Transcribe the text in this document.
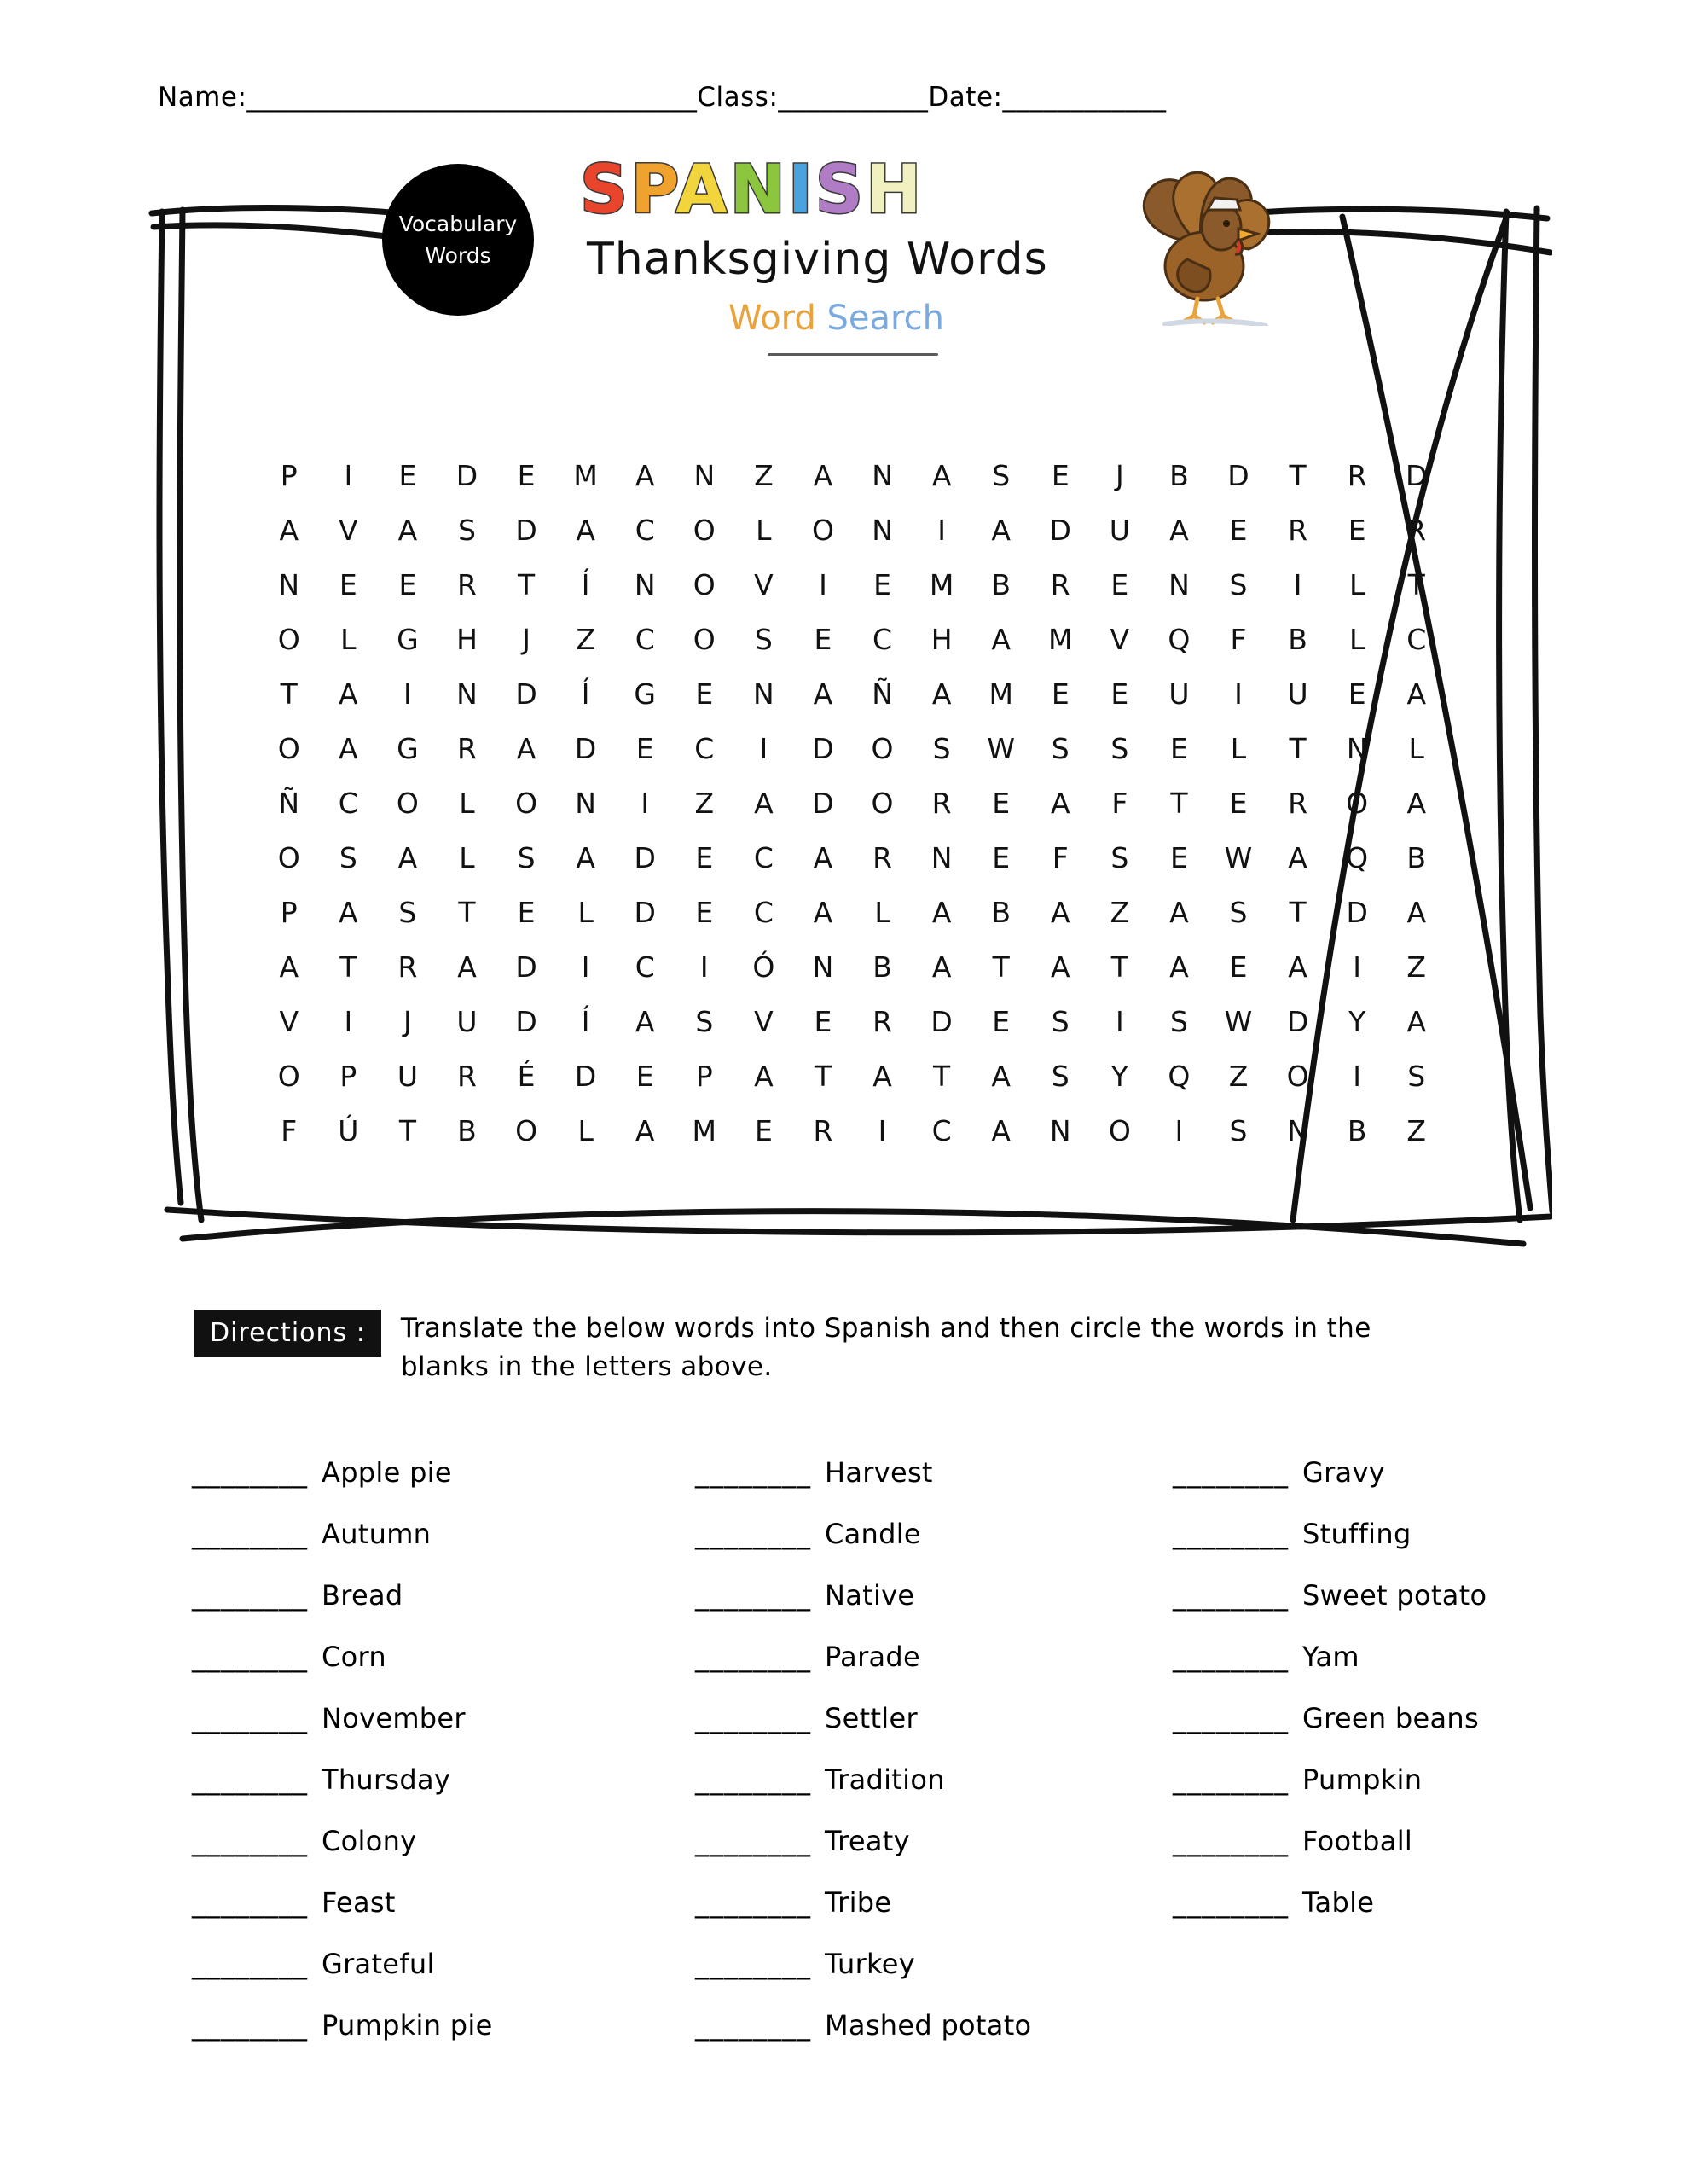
Name:_________________________________Class:___________Date:____________
Vocabulary
Words
SPANISH
Thanksgiving Words
Word Search
P	I	E	D	E	M	A	N	Z	A	N	A	S	E	J	B	D	T	R	D
A	V	A	S	D	A	C	O	L	O	N	I	A	D	U	A	E	R	E	R
N	E	E	R	T	Í	N	O	V	I	E	M	B	R	E	N	S	I	L	T
O	L	G	H	J	Z	C	O	S	E	C	H	A	M	V	Q	F	B	L	C
T	A	I	N	D	Í	G	E	N	A	Ñ	A	M	E	E	U	I	U	E	A
O	A	G	R	A	D	E	C	I	D	O	S	W	S	S	E	L	T	N	L
Ñ	C	O	L	O	N	I	Z	A	D	O	R	E	A	F	T	E	R	O	A
O	S	A	L	S	A	D	E	C	A	R	N	E	F	S	E	W	A	Q	B
P	A	S	T	E	L	D	E	C	A	L	A	B	A	Z	A	S	T	D	A
A	T	R	A	D	I	C	I	Ó	N	B	A	T	A	T	A	E	A	I	Z
V	I	J	U	D	Í	A	S	V	E	R	D	E	S	I	S	W	D	Y	A
O	P	U	R	É	D	E	P	A	T	A	T	A	S	Y	Q	Z	O	I	S
F	Ú	T	B	O	L	A	M	E	R	I	C	A	N	O	I	S	N	B	Z
Directions : Translate the below words into Spanish and then circle the words in the blanks in the letters above.
________ Apple pie
________ Autumn
________ Bread
________ Corn
________ November
________ Thursday
________ Colony
________ Feast
________ Grateful
________ Pumpkin pie
________ Harvest
________ Candle
________ Native
________ Parade
________ Settler
________ Tradition
________ Treaty
________ Tribe
________ Turkey
________ Mashed potato
________ Gravy
________ Stuffing
________ Sweet potato
________ Yam
________ Green beans
________ Pumpkin
________ Football
________ Table
